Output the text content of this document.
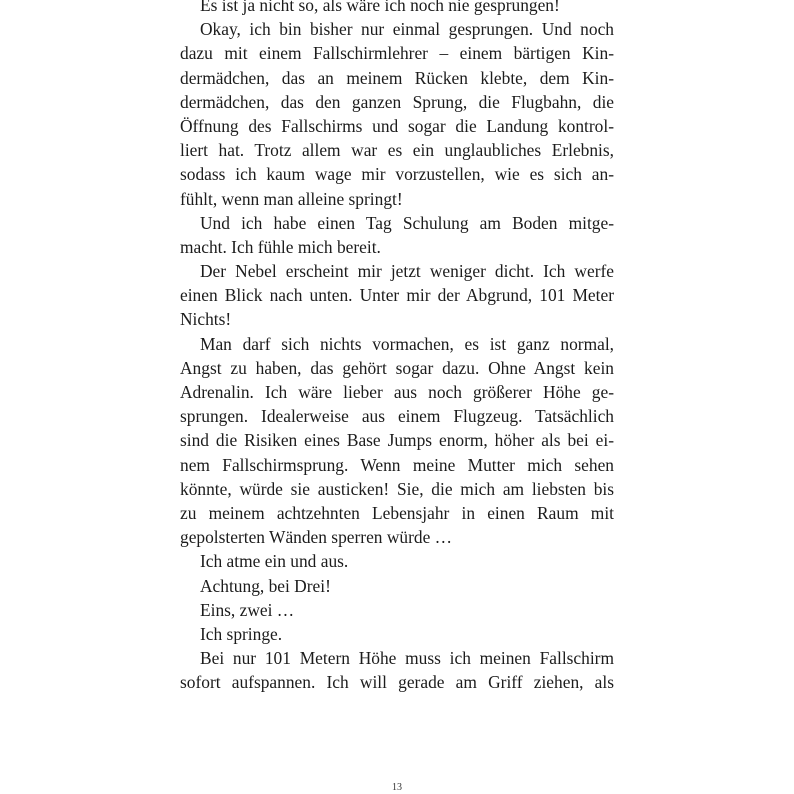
Es ist ja nicht so, als wäre ich noch nie gesprungen!
Okay, ich bin bisher nur einmal gesprungen. Und noch
dazu mit einem Fallschirmlehrer – einem bärtigen Kin-
dermädchen, das an meinem Rücken klebte, dem Kin-
dermädchen, das den ganzen Sprung, die Flugbahn, die
Öffnung des Fallschirms und sogar die Landung kontrol-
liert hat. Trotz allem war es ein unglaubliches Erlebnis,
sodass ich kaum wage mir vorzustellen, wie es sich an-
fühlt, wenn man alleine springt!
Und ich habe einen Tag Schulung am Boden mitge-
macht. Ich fühle mich bereit.
Der Nebel erscheint mir jetzt weniger dicht. Ich werfe
einen Blick nach unten. Unter mir der Abgrund, 101 Meter
Nichts!
Man darf sich nichts vormachen, es ist ganz normal,
Angst zu haben, das gehört sogar dazu. Ohne Angst kein
Adrenalin. Ich wäre lieber aus noch größerer Höhe ge-
sprungen. Idealerweise aus einem Flugzeug. Tatsächlich
sind die Risiken eines Base Jumps enorm, höher als bei ei-
nem Fallschirmsprung. Wenn meine Mutter mich sehen
könnte, würde sie austicken! Sie, die mich am liebsten bis
zu meinem achtzehnten Lebensjahr in einen Raum mit
gepolsterten Wänden sperren würde …
Ich atme ein und aus.
Achtung, bei Drei!
Eins, zwei …
Ich springe.
Bei nur 101 Metern Höhe muss ich meinen Fallschirm
sofort aufspannen. Ich will gerade am Griff ziehen, als
13
